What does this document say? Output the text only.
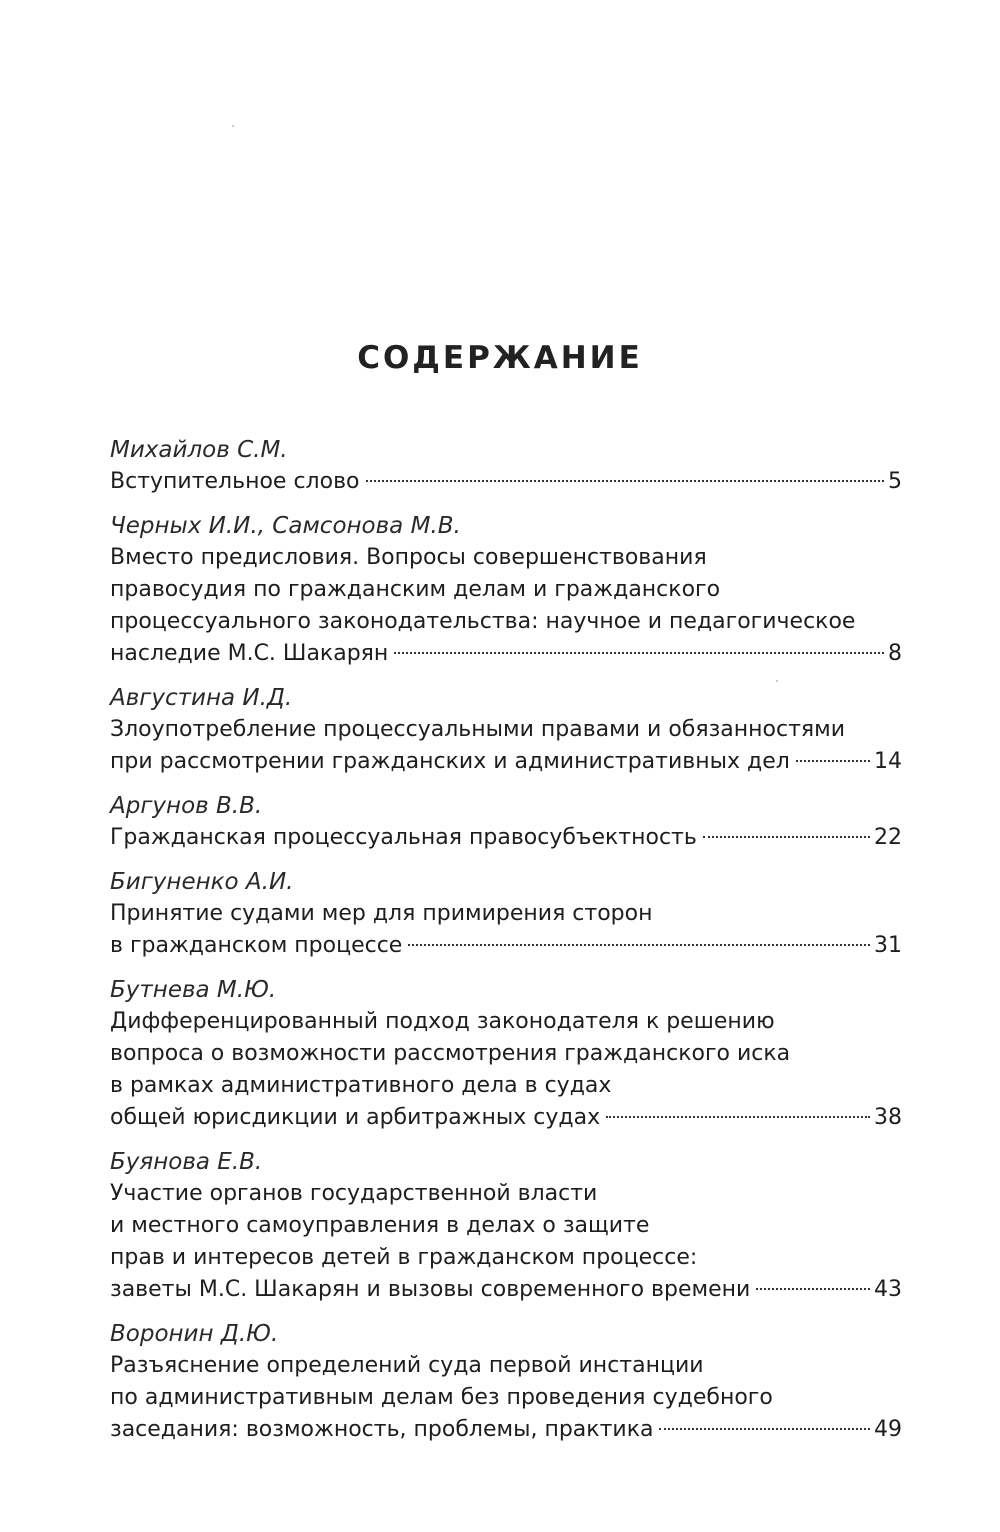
СОДЕРЖАНИЕ
Михайлов С.М.
Вступительное слово	5
Черных И.И., Самсонова М.В.
Вместо предисловия. Вопросы совершенствования
правосудия по гражданским делам и гражданского
процессуального законодательства: научное и педагогическое
наследие М.С. Шакарян	8
Августина И.Д.
Злоупотребление процессуальными правами и обязанностями
при рассмотрении гражданских и административных дел	14
Аргунов В.В.
Гражданская процессуальная правосубъектность	22
Бигуненко А.И.
Принятие судами мер для примирения сторон
в гражданском процессе	31
Бутнева М.Ю.
Дифференцированный подход законодателя к решению
вопроса о возможности рассмотрения гражданского иска
в рамках административного дела в судах
общей юрисдикции и арбитражных судах	38
Буянова Е.В.
Участие органов государственной власти
и местного самоуправления в делах о защите
прав и интересов детей в гражданском процессе:
заветы М.С. Шакарян и вызовы современного времени	43
Воронин Д.Ю.
Разъяснение определений суда первой инстанции
по административным делам без проведения судебного
заседания: возможность, проблемы, практика	49
